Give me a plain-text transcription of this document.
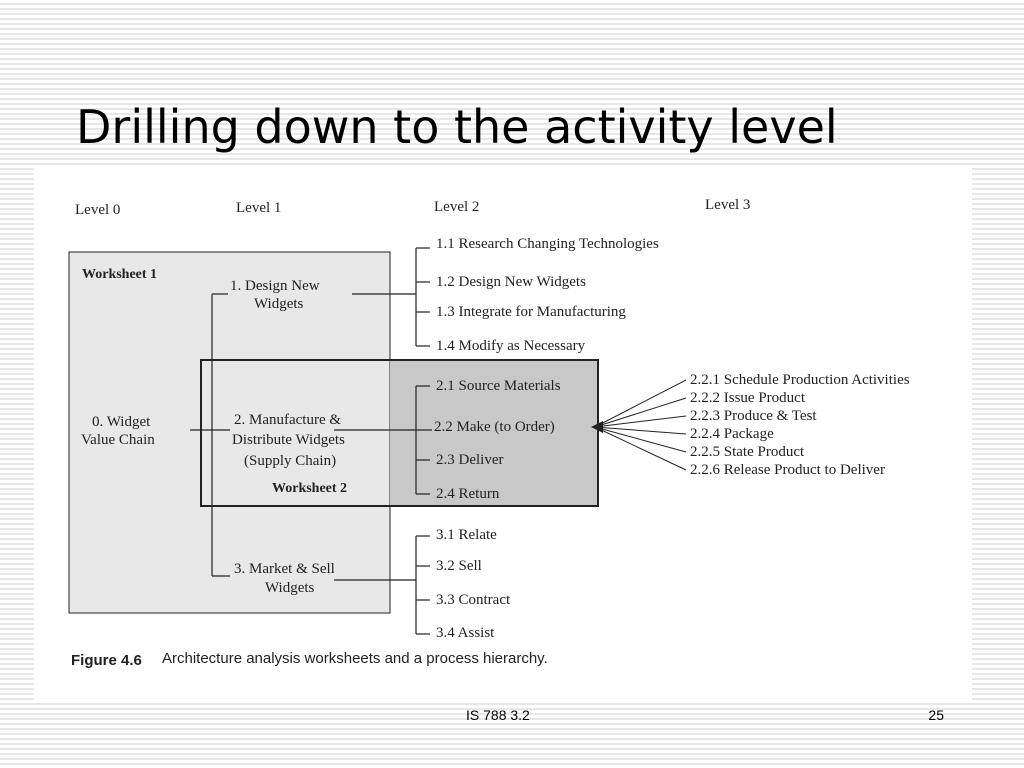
Drilling down to the activity level
Level 0	Level 1	Level 2	Level 3
Worksheet 1
Worksheet 2
0. Widget
Value Chain
1. Design New
Widgets
2. Manufacture &
Distribute Widgets
(Supply Chain)
3. Market & Sell
Widgets
1.1 Research Changing Technologies
1.2 Design New Widgets
1.3 Integrate for Manufacturing
1.4 Modify as Necessary
2.1 Source Materials
2.2 Make (to Order)
2.3 Deliver
2.4 Return
3.1 Relate
3.2 Sell
3.3 Contract
3.4 Assist
2.2.1 Schedule Production Activities
2.2.2 Issue Product
2.2.3 Produce & Test
2.2.4 Package
2.2.5 State Product
2.2.6 Release Product to Deliver
Figure 4.6 Architecture analysis worksheets and a process hierarchy.
IS 788 3.2	25
